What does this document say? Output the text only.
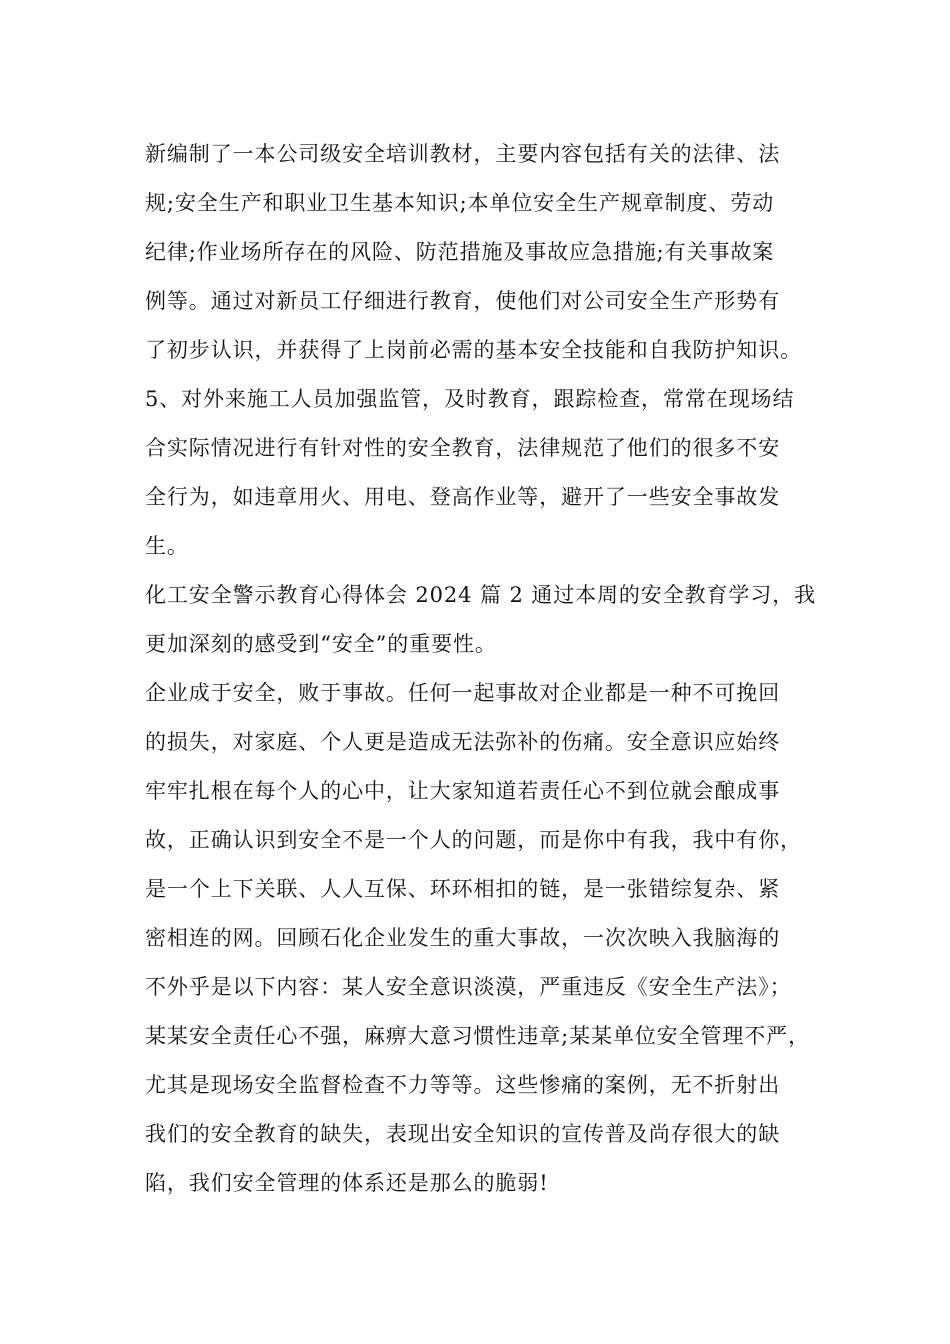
新编制了一本公司级安全培训教材，主要内容包括有关的法律、法
规;安全生产和职业卫生基本知识;本单位安全生产规章制度、劳动
纪律;作业场所存在的风险、防范措施及事故应急措施;有关事故案
例等。通过对新员工仔细进行教育，使他们对公司安全生产形势有
了初步认识，并获得了上岗前必需的基本安全技能和自我防护知识。
5、对外来施工人员加强监管，及时教育，跟踪检查，常常在现场结
合实际情况进行有针对性的安全教育，法律规范了他们的很多不安
全行为，如违章用火、用电、登高作业等，避开了一些安全事故发
生。
化工安全警示教育心得体会 2024 篇 2 通过本周的安全教育学习，我
更加深刻的感受到“安全”的重要性。
企业成于安全，败于事故。任何一起事故对企业都是一种不可挽回
的损失，对家庭、个人更是造成无法弥补的伤痛。安全意识应始终
牢牢扎根在每个人的心中，让大家知道若责任心不到位就会酿成事
故，正确认识到安全不是一个人的问题，而是你中有我，我中有你，
是一个上下关联、人人互保、环环相扣的链，是一张错综复杂、紧
密相连的网。回顾石化企业发生的重大事故，一次次映入我脑海的
不外乎是以下内容：某人安全意识淡漠，严重违反《安全生产法》；
某某安全责任心不强，麻痹大意习惯性违章;某某单位安全管理不严，
尤其是现场安全监督检查不力等等。这些惨痛的案例，无不折射出
我们的安全教育的缺失，表现出安全知识的宣传普及尚存很大的缺
陷，我们安全管理的体系还是那么的脆弱!
